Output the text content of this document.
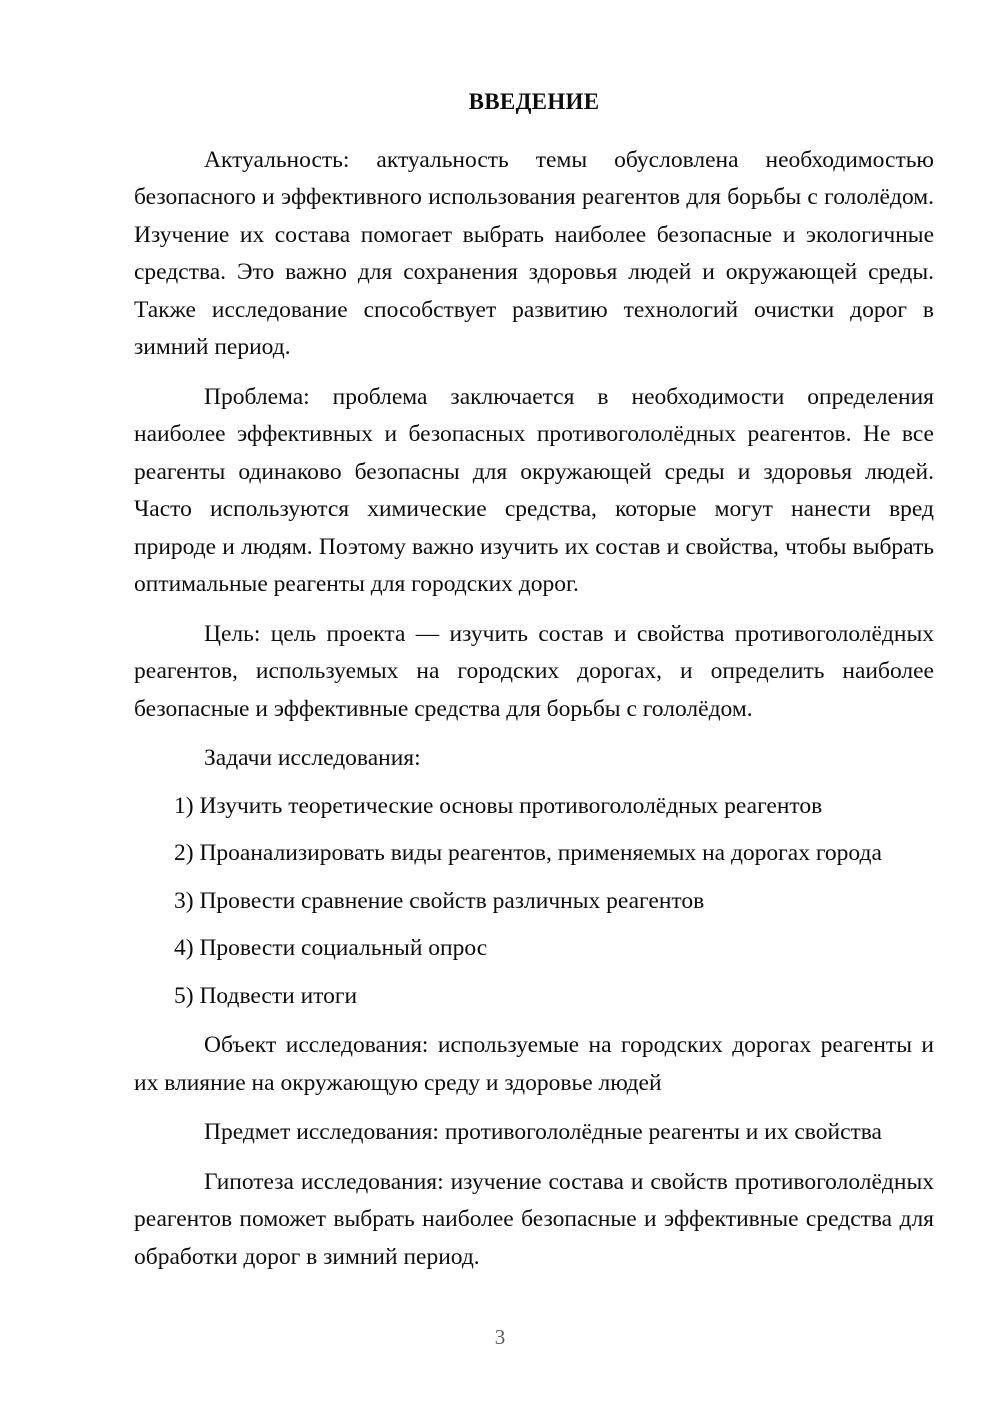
ВВЕДЕНИЕ

Актуальность: актуальность темы обусловлена необходимостью безопасного и эффективного использования реагентов для борьбы с гололёдом. Изучение их состава помогает выбрать наиболее безопасные и экологичные средства. Это важно для сохранения здоровья людей и окружающей среды. Также исследование способствует развитию технологий очистки дорог в зимний период.

Проблема: проблема заключается в необходимости определения наиболее эффективных и безопасных противогололёдных реагентов. Не все реагенты одинаково безопасны для окружающей среды и здоровья людей. Часто используются химические средства, которые могут нанести вред природе и людям. Поэтому важно изучить их состав и свойства, чтобы выбрать оптимальные реагенты для городских дорог.

Цель: цель проекта — изучить состав и свойства противогололёдных реагентов, используемых на городских дорогах, и определить наиболее безопасные и эффективные средства для борьбы с гололёдом.

Задачи исследования:

1) Изучить теоретические основы противогололёдных реагентов

2) Проанализировать виды реагентов, применяемых на дорогах города

3) Провести сравнение свойств различных реагентов

4) Провести социальный опрос

5) Подвести итоги

Объект исследования: используемые на городских дорогах реагенты и их влияние на окружающую среду и здоровье людей

Предмет исследования: противогололёдные реагенты и их свойства

Гипотеза исследования: изучение состава и свойств противогололёдных реагентов поможет выбрать наиболее безопасные и эффективные средства для обработки дорог в зимний период.

3
